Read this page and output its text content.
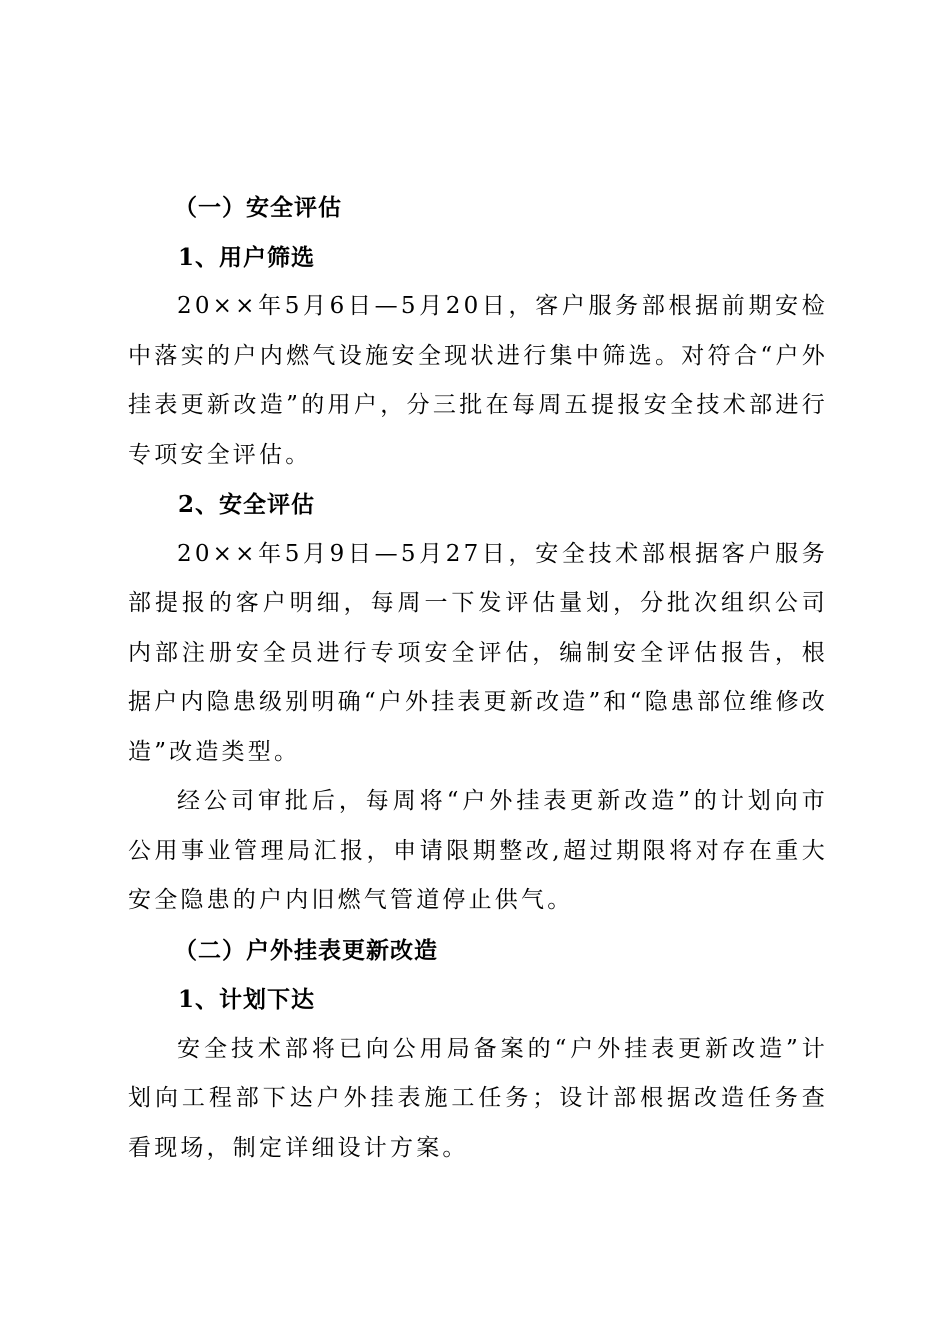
（一）安全评估

1、用户筛选

20××年5月6日—5月20日，客户服务部根据前期安检中落实的户内燃气设施安全现状进行集中筛选。对符合“户外挂表更新改造”的用户，分三批在每周五提报安全技术部进行专项安全评估。

2、安全评估

20××年5月9日—5月27日，安全技术部根据客户服务部提报的客户明细，每周一下发评估量划，分批次组织公司内部注册安全员进行专项安全评估，编制安全评估报告，根据户内隐患级别明确“户外挂表更新改造”和“隐患部位维修改造”改造类型。

经公司审批后，每周将“户外挂表更新改造”的计划向市公用事业管理局汇报，申请限期整改,超过期限将对存在重大安全隐患的户内旧燃气管道停止供气。

（二）户外挂表更新改造

1、计划下达

安全技术部将已向公用局备案的“户外挂表更新改造”计划向工程部下达户外挂表施工任务；设计部根据改造任务查看现场，制定详细设计方案。
